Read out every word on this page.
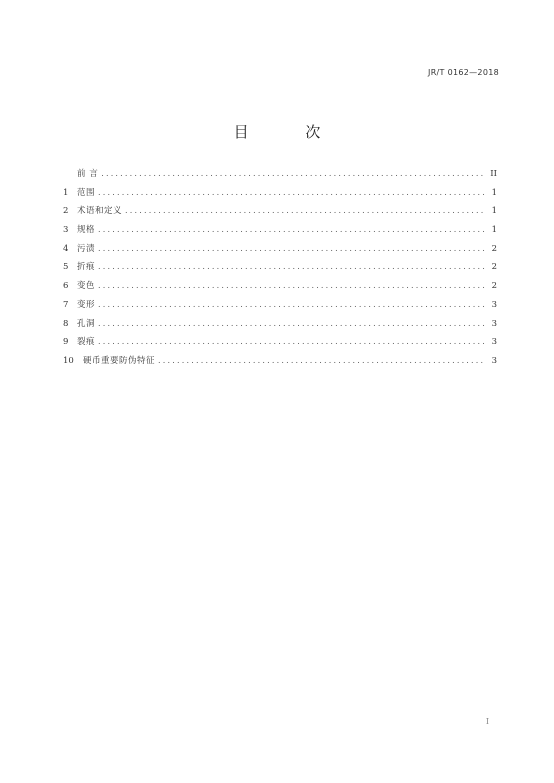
JR/T 0162—2018
目 次
前 言 .....	II
1	范围 .....	1
2	术语和定义 .....	1
3	规格 .....	1
4	污渍 .....	2
5	折痕 .....	2
6	变色 .....	2
7	变形 .....	3
8	孔洞 .....	3
9	裂痕 .....	3
10	硬币重要防伪特征 .....	3
I
